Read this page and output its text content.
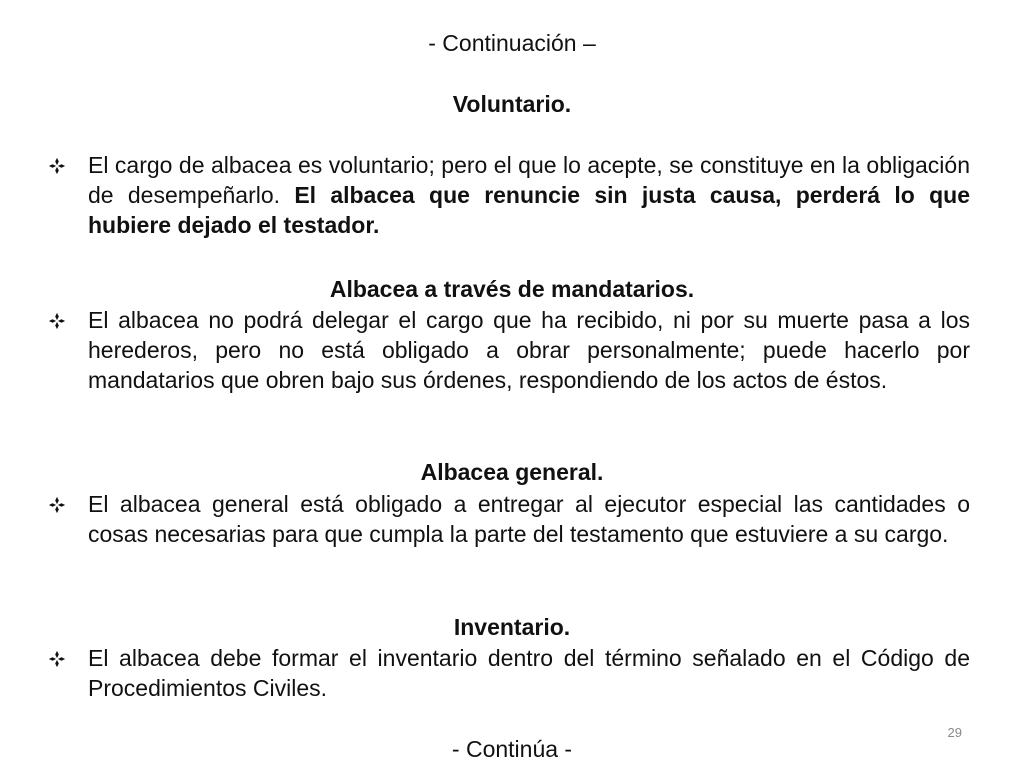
- Continuación –
Voluntario.
El cargo de albacea es voluntario; pero el que lo acepte, se constituye en la obligación de desempeñarlo. El albacea que renuncie sin justa causa, perderá lo que hubiere dejado el testador.
Albacea a través de mandatarios.
El albacea no podrá delegar el cargo que ha recibido, ni por su muerte pasa a los herederos, pero no está obligado a obrar personalmente; puede hacerlo por mandatarios que obren bajo sus órdenes, respondiendo de los actos de éstos.
Albacea general.
El albacea general está obligado a entregar al ejecutor especial las cantidades o cosas necesarias para que cumpla la parte del testamento que estuviere a su cargo.
Inventario.
El albacea debe formar el inventario dentro del término señalado en el Código de Procedimientos Civiles.
- Continúa -
29
